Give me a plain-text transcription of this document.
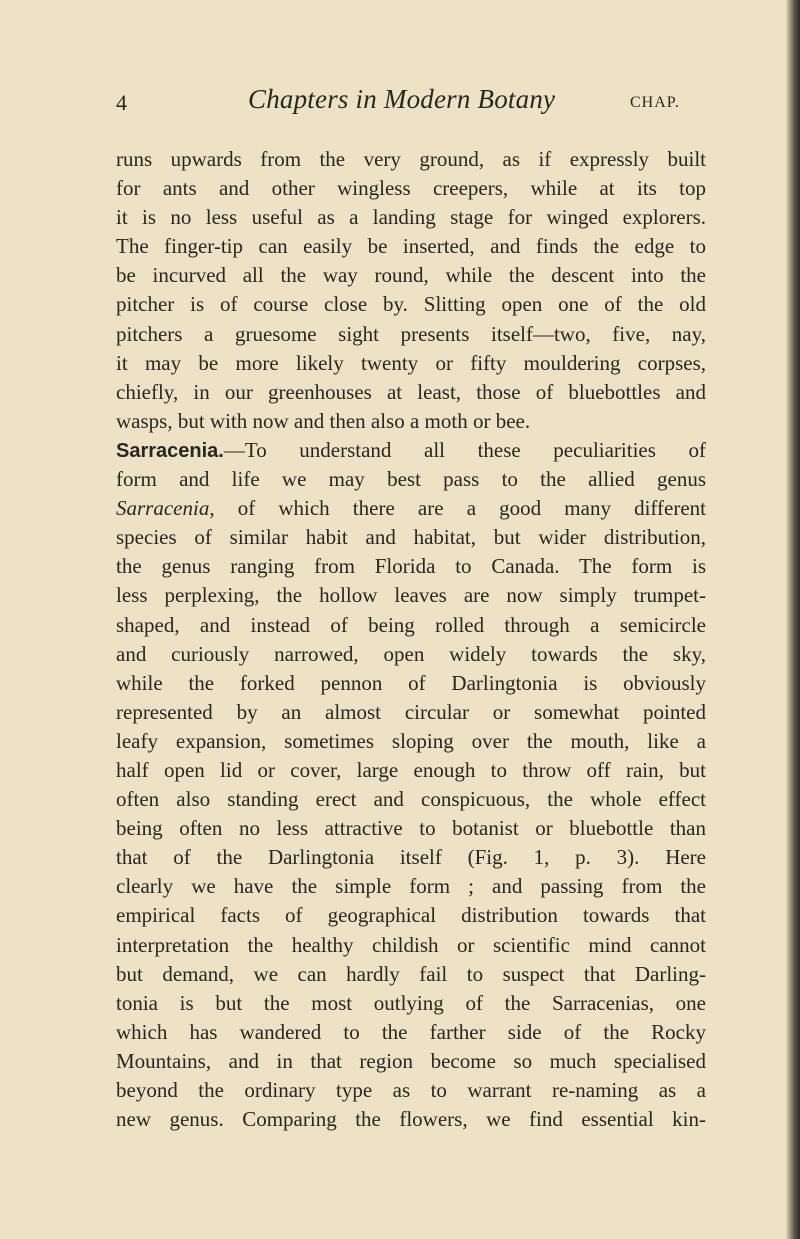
4	Chapters in Modern Botany	CHAP.
runs upwards from the very ground, as if expressly built
for ants and other wingless creepers, while at its top
it is no less useful as a landing stage for winged explorers.
The finger-tip can easily be inserted, and finds the edge to
be incurved all the way round, while the descent into the
pitcher is of course close by. Slitting open one of the old
pitchers a gruesome sight presents itself—two, five, nay,
it may be more likely twenty or fifty mouldering corpses,
chiefly, in our greenhouses at least, those of bluebottles and
wasps, but with now and then also a moth or bee.
Sarracenia.—To understand all these peculiarities of
form and life we may best pass to the allied genus
Sarracenia, of which there are a good many different
species of similar habit and habitat, but wider distribution,
the genus ranging from Florida to Canada. The form is
less perplexing, the hollow leaves are now simply trumpet-
shaped, and instead of being rolled through a semicircle
and curiously narrowed, open widely towards the sky,
while the forked pennon of Darlingtonia is obviously
represented by an almost circular or somewhat pointed
leafy expansion, sometimes sloping over the mouth, like a
half open lid or cover, large enough to throw off rain, but
often also standing erect and conspicuous, the whole effect
being often no less attractive to botanist or bluebottle than
that of the Darlingtonia itself (Fig. 1, p. 3). Here
clearly we have the simple form ; and passing from the
empirical facts of geographical distribution towards that
interpretation the healthy childish or scientific mind cannot
but demand, we can hardly fail to suspect that Darling-
tonia is but the most outlying of the Sarracenias, one
which has wandered to the farther side of the Rocky
Mountains, and in that region become so much specialised
beyond the ordinary type as to warrant re-naming as a
new genus. Comparing the flowers, we find essential kin-
